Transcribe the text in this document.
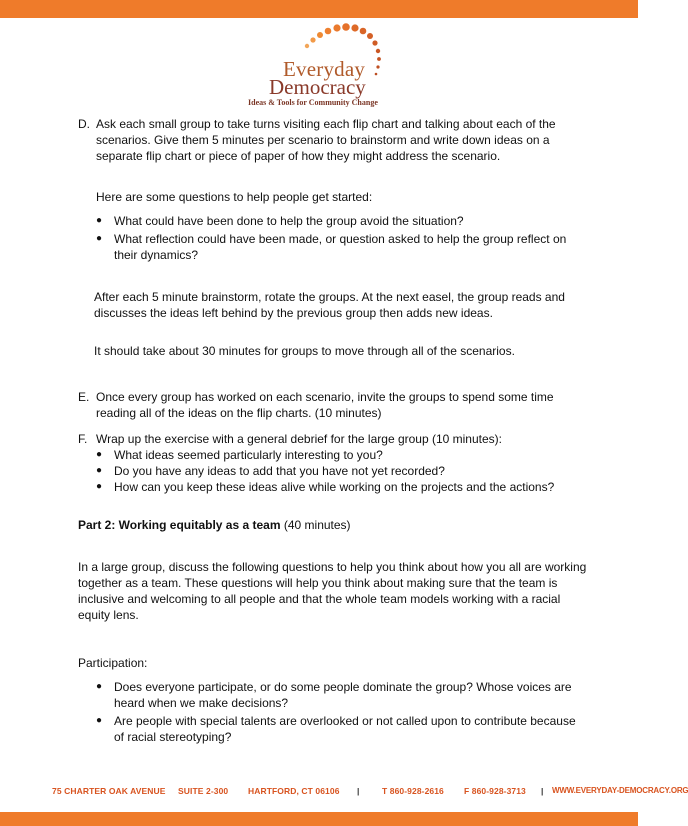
Everyday
Democracy
Ideas & Tools for Community Change
D. Ask each small group to take turns visiting each flip chart and talking about each of the
scenarios. Give them 5 minutes per scenario to brainstorm and write down ideas on a
separate flip chart or piece of paper of how they might address the scenario.
Here are some questions to help people get started:
● What could have been done to help the group avoid the situation?
● What reflection could have been made, or question asked to help the group reflect on
their dynamics?
After each 5 minute brainstorm, rotate the groups. At the next easel, the group reads and
discusses the ideas left behind by the previous group then adds new ideas.
It should take about 30 minutes for groups to move through all of the scenarios.
E. Once every group has worked on each scenario, invite the groups to spend some time
reading all of the ideas on the flip charts. (10 minutes)
F. Wrap up the exercise with a general debrief for the large group (10 minutes):
● What ideas seemed particularly interesting to you?
● Do you have any ideas to add that you have not yet recorded?
● How can you keep these ideas alive while working on the projects and the actions?
Part 2: Working equitably as a team (40 minutes)
In a large group, discuss the following questions to help you think about how you all are working
together as a team. These questions will help you think about making sure that the team is
inclusive and welcoming to all people and that the whole team models working with a racial
equity lens.
Participation:
● Does everyone participate, or do some people dominate the group? Whose voices are
heard when we make decisions?
● Are people with special talents are overlooked or not called upon to contribute because
of racial stereotyping?
75 CHARTER OAK AVENUE SUITE 2-300 HARTFORD, CT 06106 |	T 860-928-2616 F 860-928-3713 | WWW.EVERYDAY-DEMOCRACY.ORG
